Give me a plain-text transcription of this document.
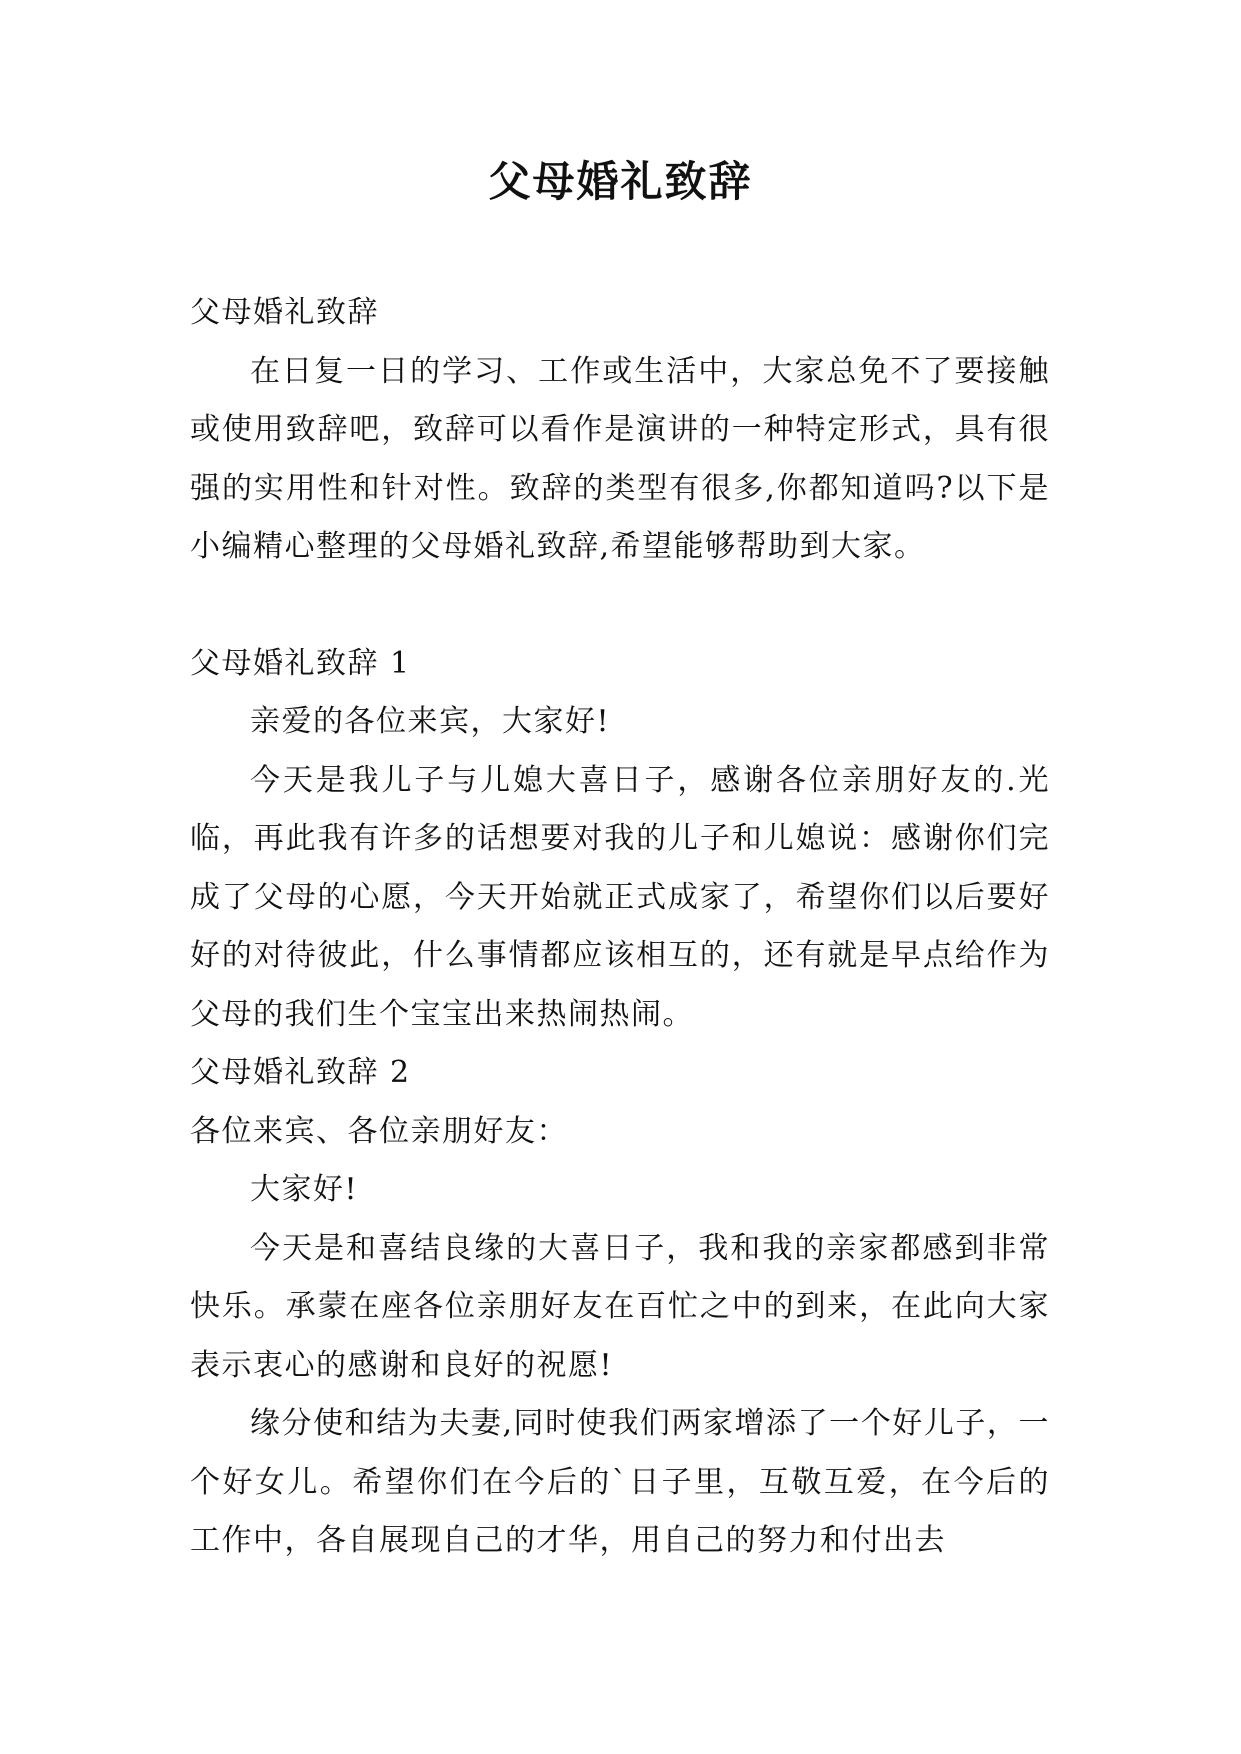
父母婚礼致辞

父母婚礼致辞

在日复一日的学习、工作或生活中，大家总免不了要接触或使用致辞吧，致辞可以看作是演讲的一种特定形式，具有很强的实用性和针对性。致辞的类型有很多,你都知道吗?以下是小编精心整理的父母婚礼致辞,希望能够帮助到大家。

父母婚礼致辞 1

亲爱的各位来宾，大家好!

今天是我儿子与儿媳大喜日子，感谢各位亲朋好友的.光临，再此我有许多的话想要对我的儿子和儿媳说：感谢你们完成了父母的心愿，今天开始就正式成家了，希望你们以后要好好的对待彼此，什么事情都应该相互的，还有就是早点给作为父母的我们生个宝宝出来热闹热闹。

父母婚礼致辞 2

各位来宾、各位亲朋好友：

大家好!

今天是和喜结良缘的大喜日子，我和我的亲家都感到非常快乐。承蒙在座各位亲朋好友在百忙之中的到来，在此向大家表示衷心的感谢和良好的祝愿!

缘分使和结为夫妻,同时使我们两家增添了一个好儿子，一个好女儿。希望你们在今后的`日子里，互敬互爱，在今后的工作中，各自展现自己的才华，用自己的努力和付出去
